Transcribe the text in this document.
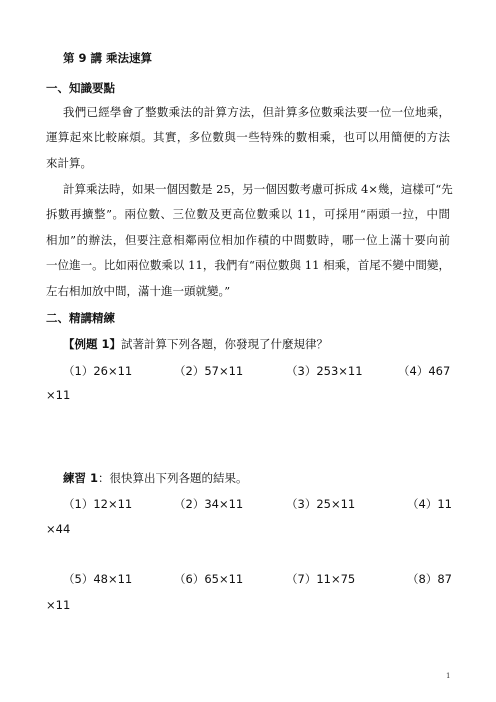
第 9 講 乘法速算
一、知識要點
我們已經學會了整數乘法的計算方法，但計算多位數乘法要一位一位地乘，
運算起來比較麻煩。其實，多位數與一些特殊的數相乘，也可以用簡便的方法
來計算。
計算乘法時，如果一個因數是 25，另一個因數考慮可拆成 4×幾，這樣可“先
拆數再擴整”。兩位數、三位數及更高位數乘以 11，可採用“兩頭一拉，中間
相加”的辦法，但要注意相鄰兩位相加作積的中間數時，哪一位上滿十要向前
一位進一。比如兩位數乘以 11，我們有“兩位數與 11 相乘，首尾不變中間變，
左右相加放中間，滿十進一頭就變。”
二、精講精練
【例題 1】試著計算下列各題，你發現了什麼規律？
（1）26×11	（2）57×11	（3）253×11	（4）467
×11
練習 1：很快算出下列各題的結果。
（1）12×11	（2）34×11	（3）25×11	（4）11
×44
（5）48×11	（6）65×11	（7）11×75	（8）87
×11
1
